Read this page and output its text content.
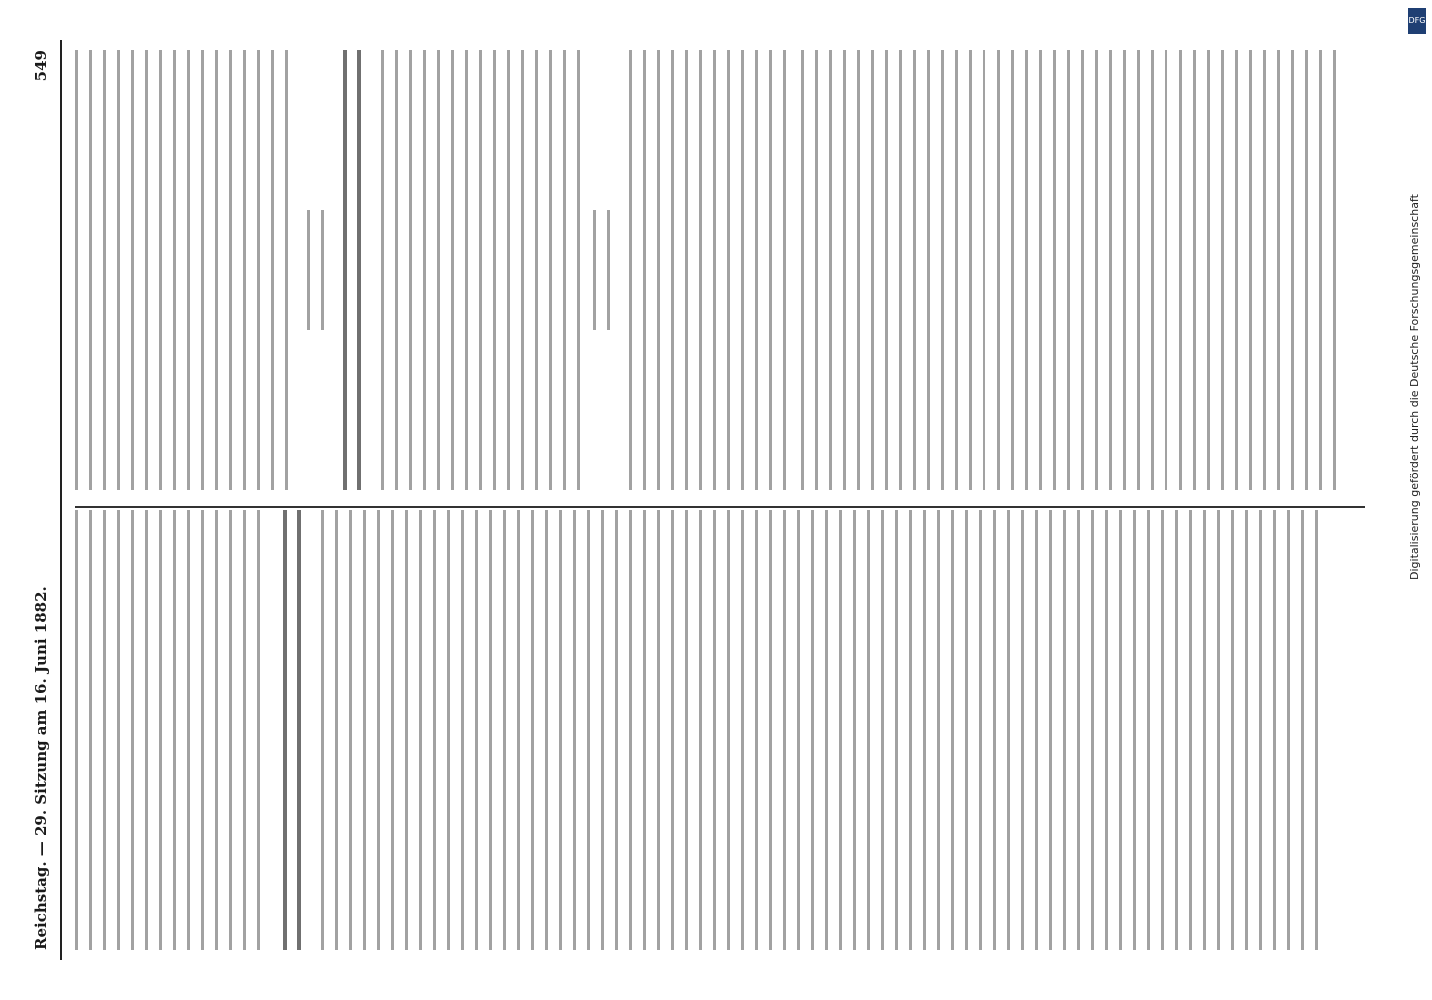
Reichstag. — 29. Sitzung am 16. Juni 1882.
549
DFG
Digitalisierung gefördert durch die Deutsche Forschungsgemeinschaft
